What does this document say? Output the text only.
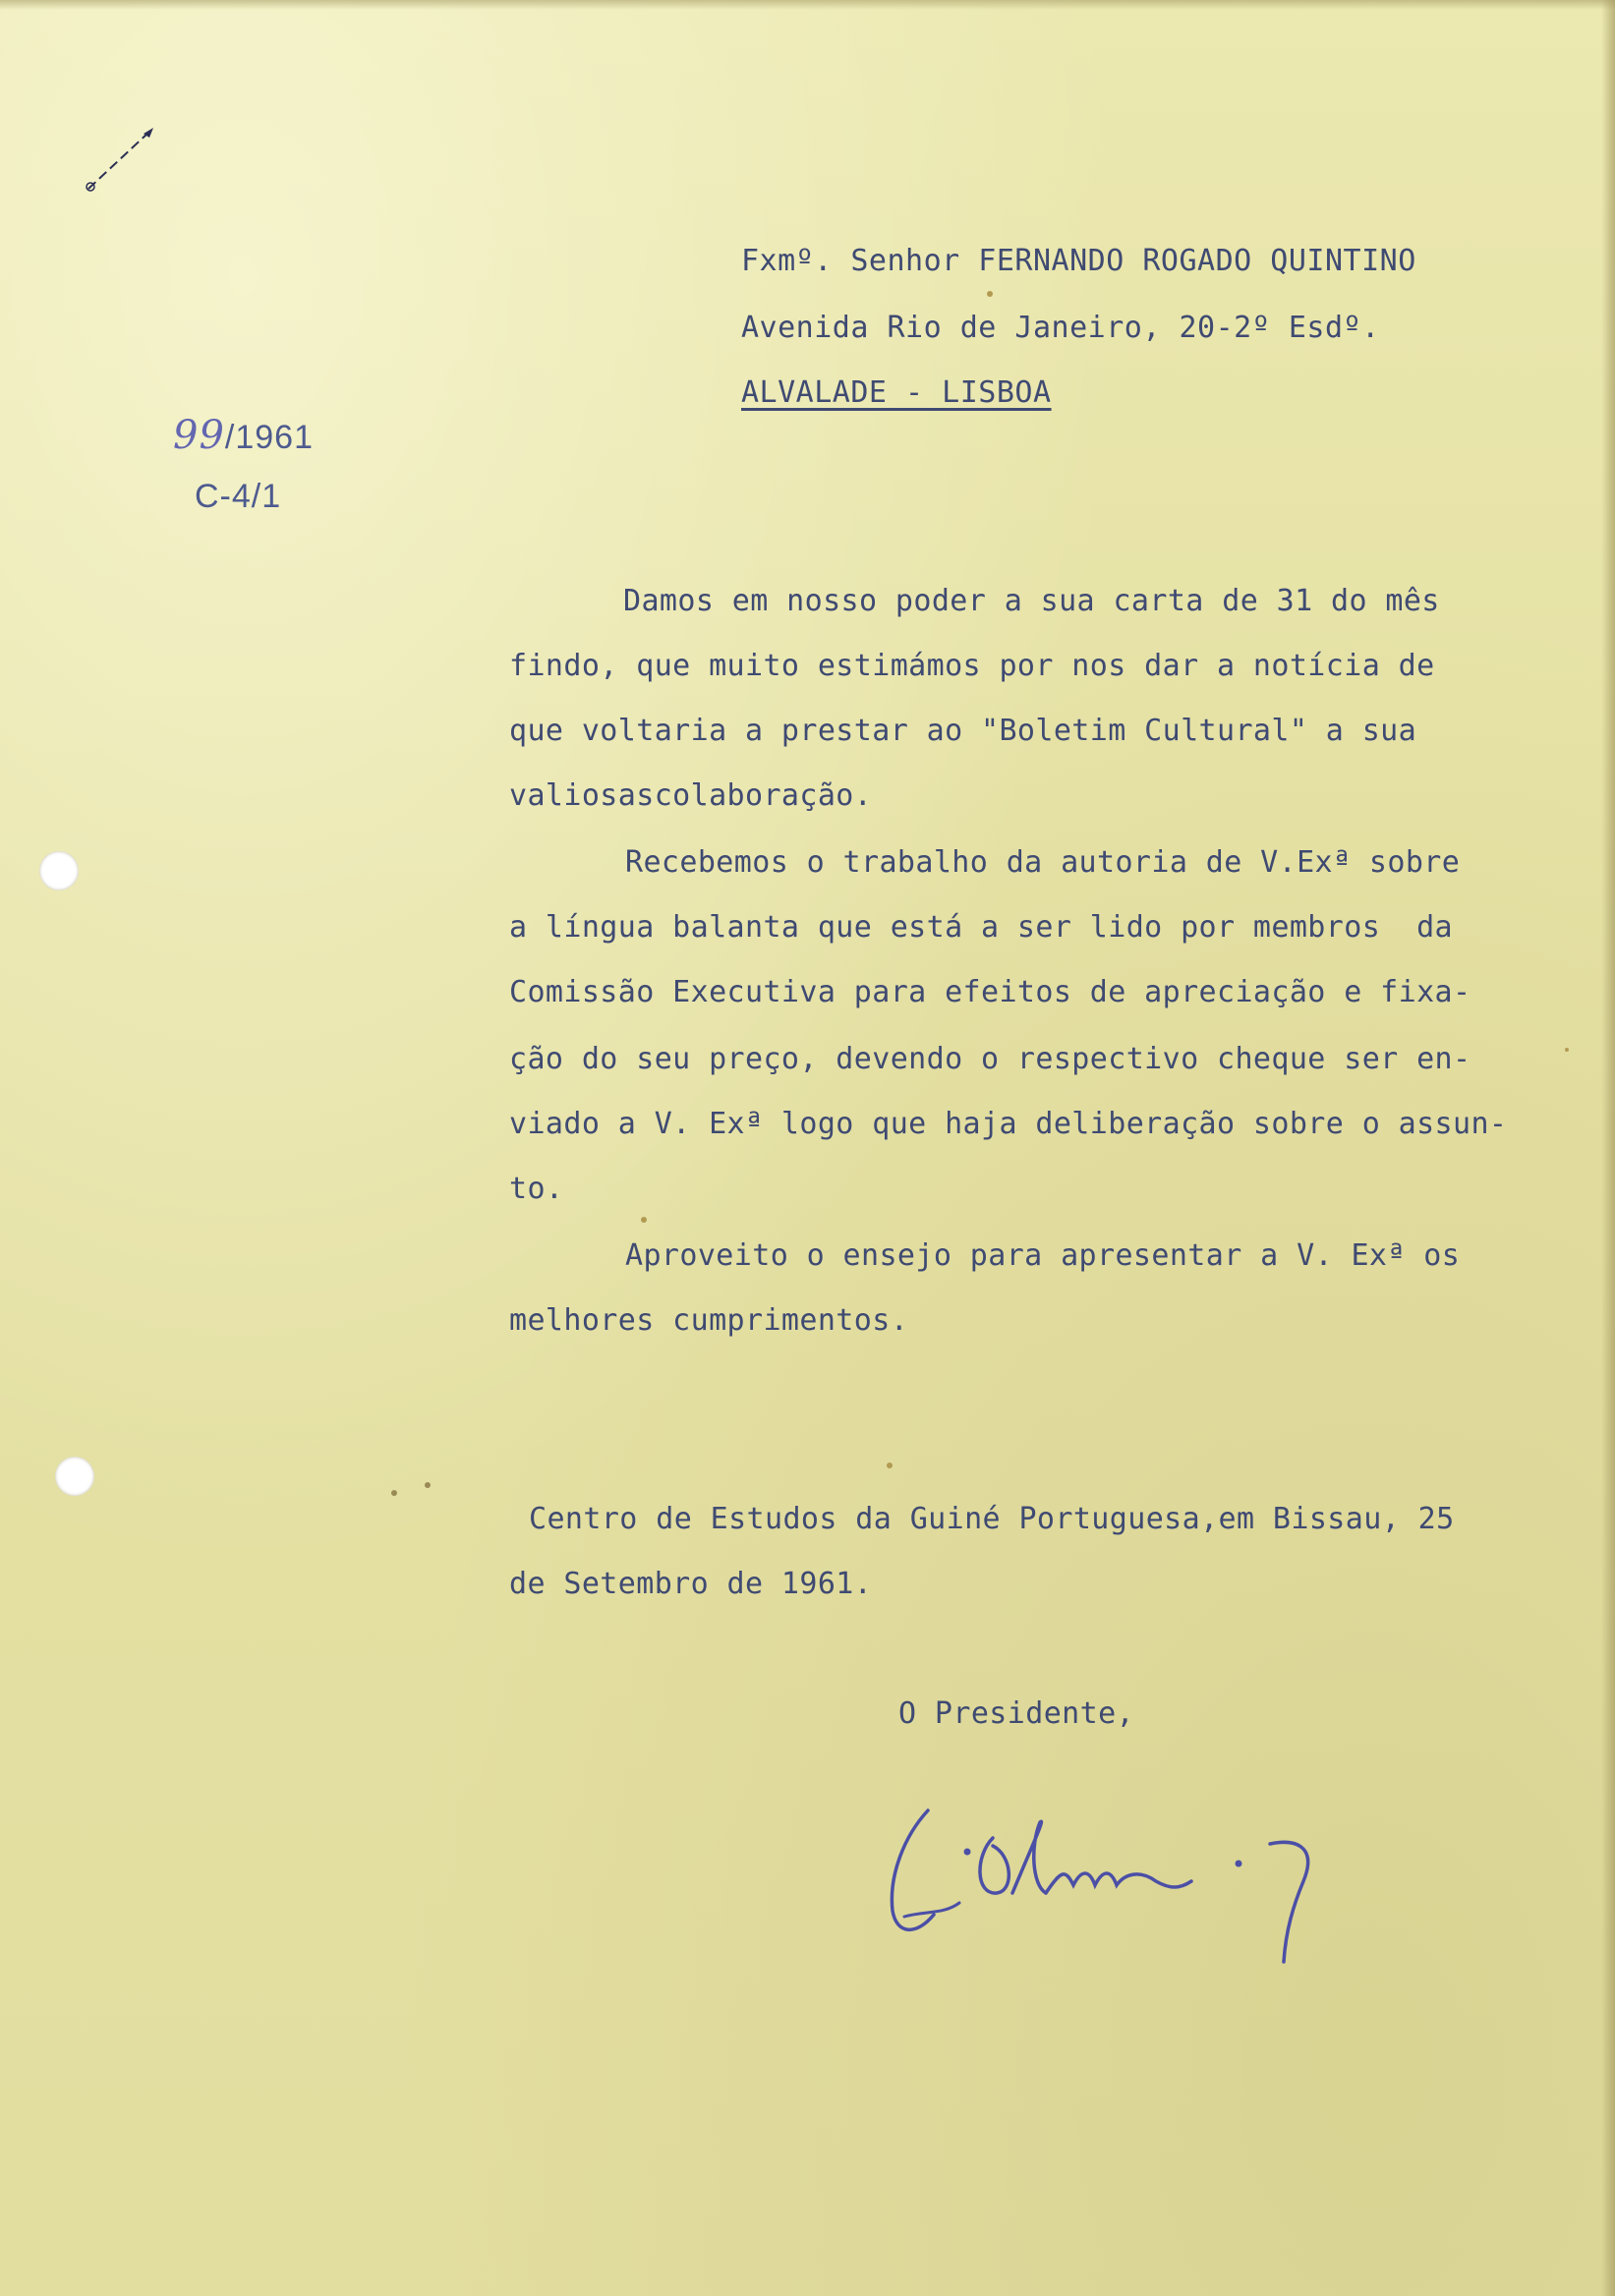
99/1961
C-4/1
Fxmº. Senhor FERNANDO ROGADO QUINTINO
Avenida Rio de Janeiro, 20-2º Esdº.
ALVALADE - LISBOA
Damos em nosso poder a sua carta de 31 do mês
findo, que muito estimámos por nos dar a notícia de
que voltaria a prestar ao "Boletim Cultural" a sua
valiosascolaboração.
Recebemos o trabalho da autoria de V.Exª sobre
a língua balanta que está a ser lido por membros  da
Comissão Executiva para efeitos de apreciação e fixa-
ção do seu preço, devendo o respectivo cheque ser en-
viado a V. Exª logo que haja deliberação sobre o assun-
to.
Aproveito o ensejo para apresentar a V. Exª os
melhores cumprimentos.
Centro de Estudos da Guiné Portuguesa,em Bissau, 25
de Setembro de 1961.
O Presidente,
